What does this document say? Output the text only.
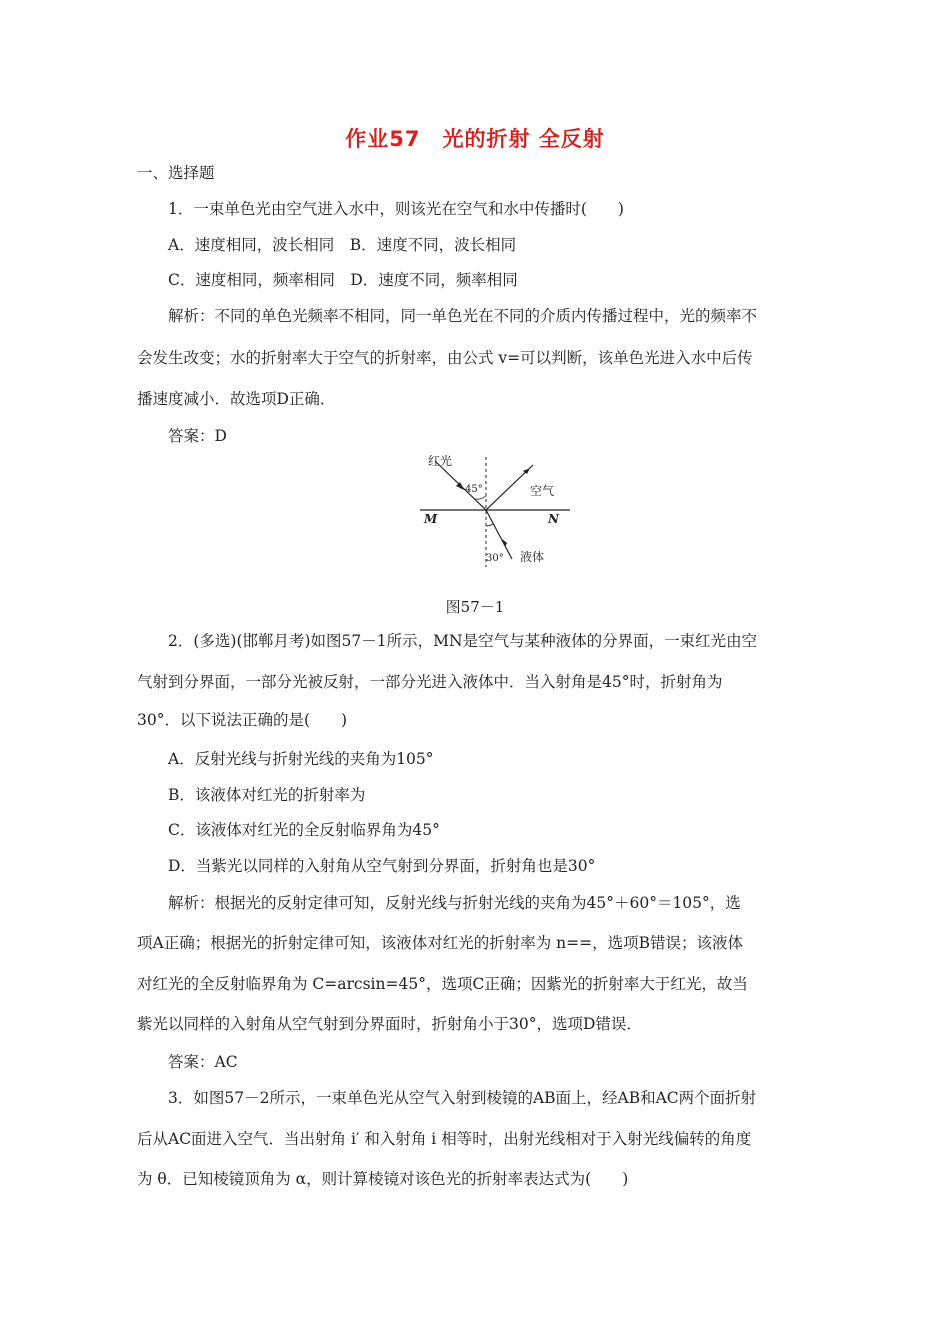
作业57　光的折射 全反射
一、选择题
1．一束单色光由空气进入水中，则该光在空气和水中传播时(　　)
A．速度相同，波长相同　B．速度不同，波长相同
C．速度相同，频率相同　D．速度不同，频率相同
解析：不同的单色光频率不相同，同一单色光在不同的介质内传播过程中，光的频率不
会发生改变；水的折射率大于空气的折射率，由公式 v=可以判断，该单色光进入水中后传
播速度减小．故选项D正确．
答案：D
红光
45°	空气
M	N
30° 液体
图57－1
2．(多选)(邯郸月考)如图57－1所示，MN是空气与某种液体的分界面，一束红光由空
气射到分界面，一部分光被反射，一部分光进入液体中．当入射角是45°时，折射角为
30°．以下说法正确的是(　　)
A．反射光线与折射光线的夹角为105°
B．该液体对红光的折射率为
C．该液体对红光的全反射临界角为45°
D．当紫光以同样的入射角从空气射到分界面，折射角也是30°
解析：根据光的反射定律可知，反射光线与折射光线的夹角为45°＋60°＝105°，选
项A正确；根据光的折射定律可知，该液体对红光的折射率为 n==，选项B错误；该液体
对红光的全反射临界角为 C=arcsin=45°，选项C正确；因紫光的折射率大于红光，故当
紫光以同样的入射角从空气射到分界面时，折射角小于30°，选项D错误．
答案：AC
3．如图57－2所示，一束单色光从空气入射到棱镜的AB面上，经AB和AC两个面折射
后从AC面进入空气．当出射角 i′ 和入射角 i 相等时，出射光线相对于入射光线偏转的角度
为 θ．已知棱镜顶角为 α，则计算棱镜对该色光的折射率表达式为(　　)
